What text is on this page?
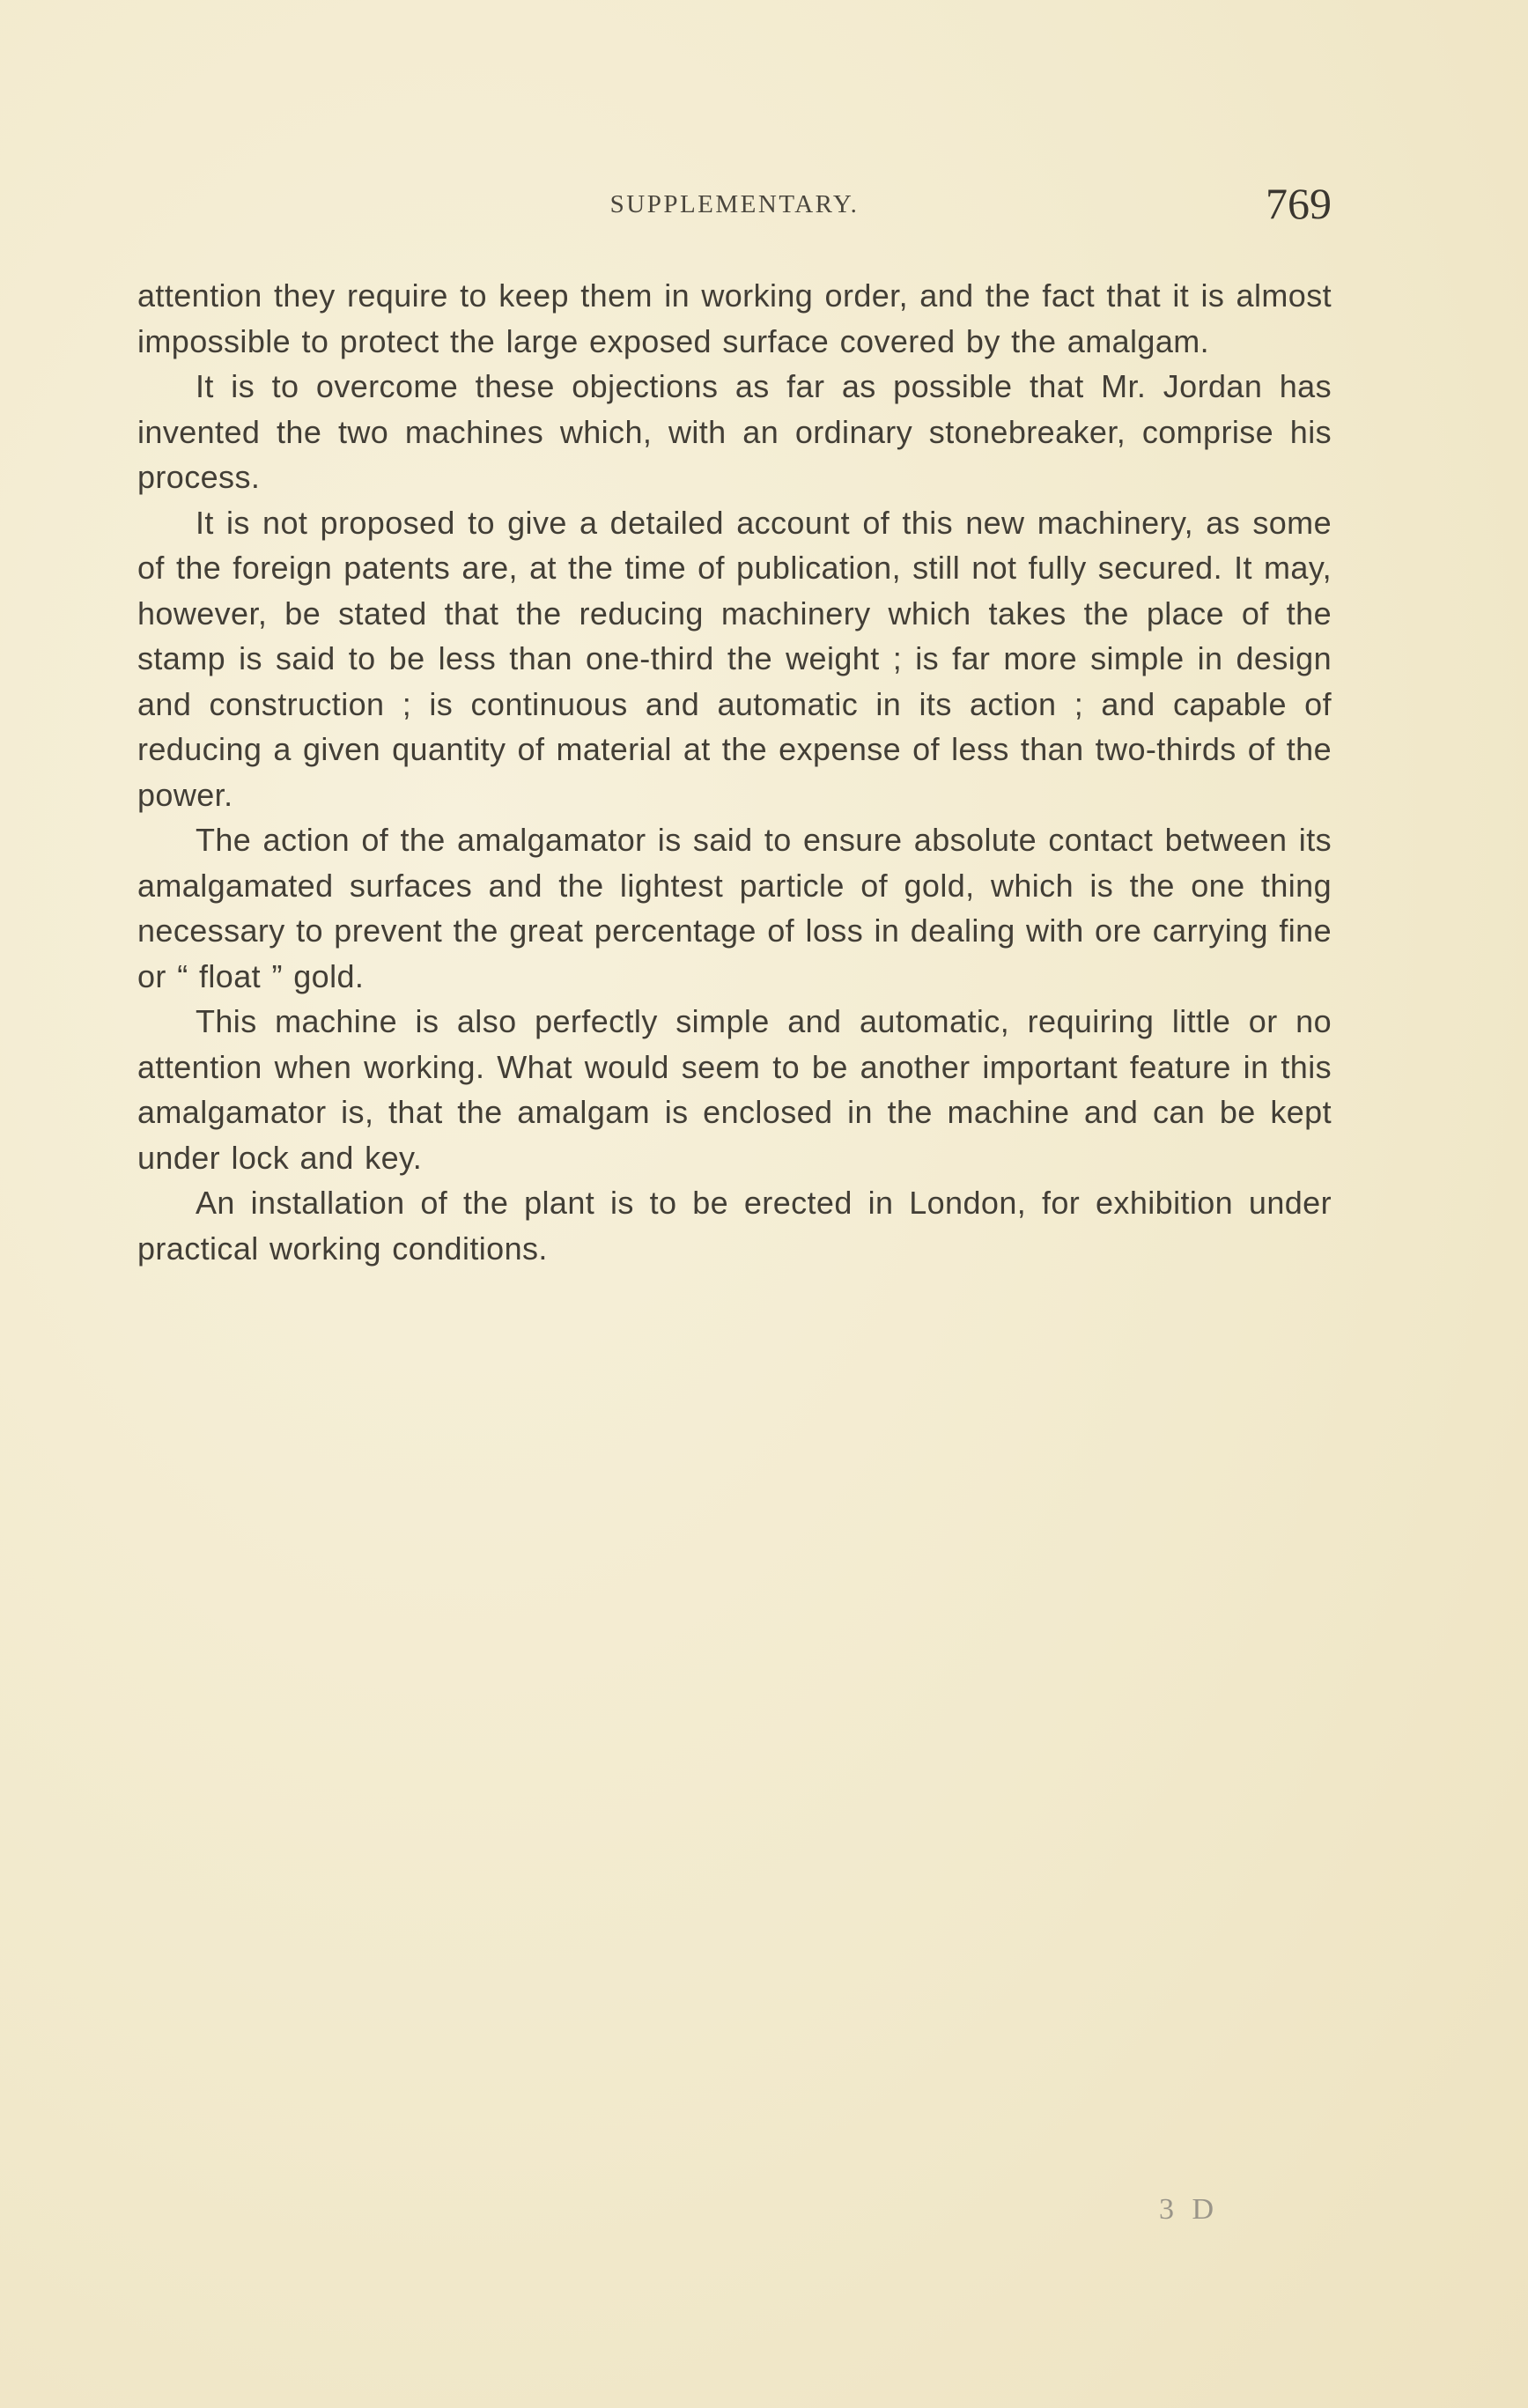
SUPPLEMENTARY.	769

attention they require to keep them in working order, and the fact that it is almost impossible to protect the large exposed surface covered by the amalgam.

It is to overcome these objections as far as possible that Mr. Jordan has invented the two machines which, with an ordinary stonebreaker, comprise his process.

It is not proposed to give a detailed account of this new machinery, as some of the foreign patents are, at the time of publication, still not fully secured. It may, however, be stated that the reducing machinery which takes the place of the stamp is said to be less than one-third the weight ; is far more simple in design and construction ; is continuous and automatic in its action ; and capable of reducing a given quantity of material at the expense of less than two-thirds of the power.

The action of the amalgamator is said to ensure absolute contact between its amalgamated surfaces and the lightest particle of gold, which is the one thing necessary to prevent the great percentage of loss in dealing with ore carrying fine or “ float ” gold.

This machine is also perfectly simple and automatic, requiring little or no attention when working. What would seem to be another important feature in this amalgamator is, that the amalgam is enclosed in the machine and can be kept under lock and key.

An installation of the plant is to be erected in London, for exhibition under practical working conditions.

3 D
